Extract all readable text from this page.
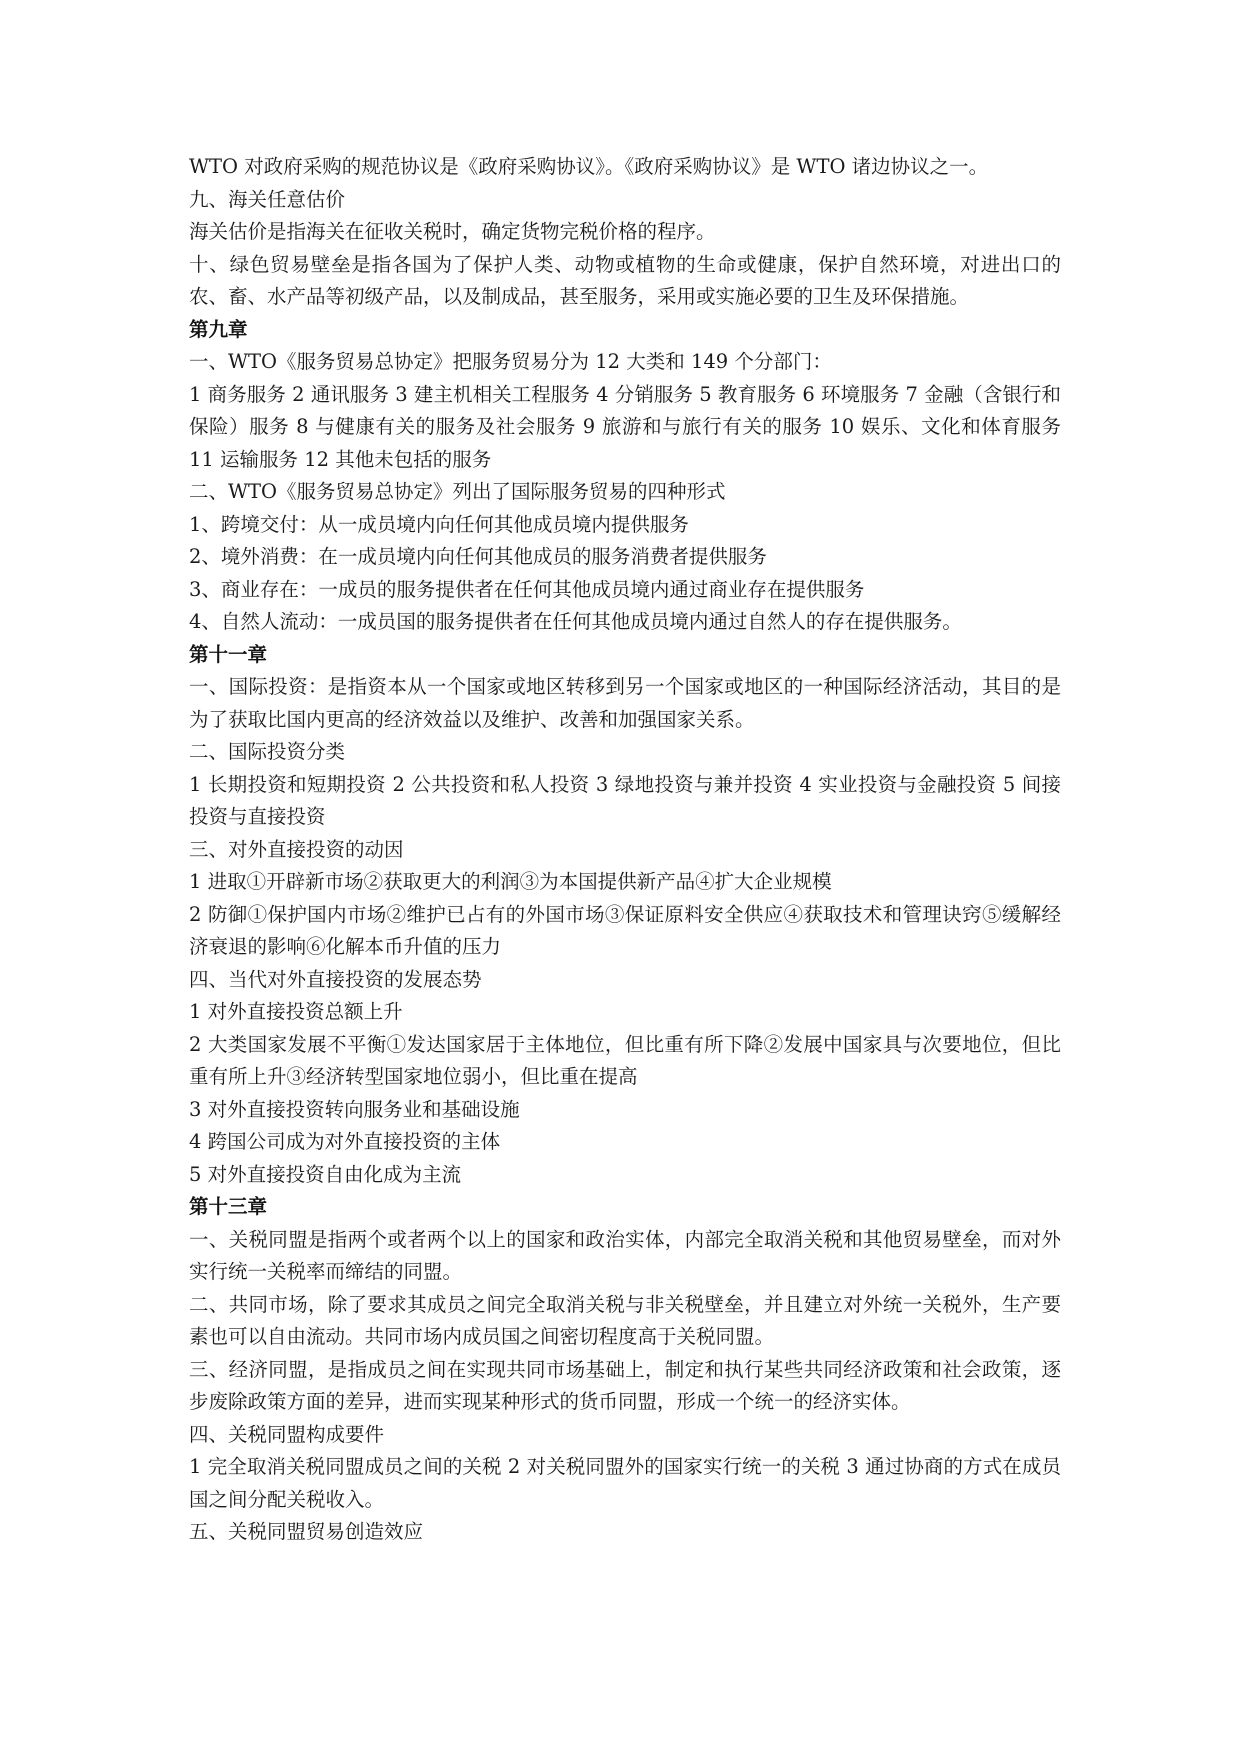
WTO 对政府采购的规范协议是《政府采购协议》。《政府采购协议》是 WTO 诸边协议之一。

九、海关任意估价

海关估价是指海关在征收关税时，确定货物完税价格的程序。

十、绿色贸易壁垒是指各国为了保护人类、动物或植物的生命或健康，保护自然环境，对进出口的农、畜、水产品等初级产品，以及制成品，甚至服务，采用或实施必要的卫生及环保措施。

第九章

一、WTO《服务贸易总协定》把服务贸易分为 12 大类和 149 个分部门：

1 商务服务 2 通讯服务 3 建主机相关工程服务 4 分销服务 5 教育服务 6 环境服务 7 金融（含银行和保险）服务 8 与健康有关的服务及社会服务 9 旅游和与旅行有关的服务 10 娱乐、文化和体育服务 11 运输服务 12 其他未包括的服务

二、WTO《服务贸易总协定》列出了国际服务贸易的四种形式

1、跨境交付：从一成员境内向任何其他成员境内提供服务

2、境外消费：在一成员境内向任何其他成员的服务消费者提供服务

3、商业存在：一成员的服务提供者在任何其他成员境内通过商业存在提供服务

4、自然人流动：一成员国的服务提供者在任何其他成员境内通过自然人的存在提供服务。

第十一章

一、国际投资：是指资本从一个国家或地区转移到另一个国家或地区的一种国际经济活动，其目的是为了获取比国内更高的经济效益以及维护、改善和加强国家关系。

二、国际投资分类

1 长期投资和短期投资 2 公共投资和私人投资 3 绿地投资与兼并投资 4 实业投资与金融投资 5 间接投资与直接投资

三、对外直接投资的动因

1 进取①开辟新市场②获取更大的利润③为本国提供新产品④扩大企业规模

2 防御①保护国内市场②维护已占有的外国市场③保证原料安全供应④获取技术和管理诀窍⑤缓解经济衰退的影响⑥化解本币升值的压力

四、当代对外直接投资的发展态势

1 对外直接投资总额上升

2 大类国家发展不平衡①发达国家居于主体地位，但比重有所下降②发展中国家具与次要地位，但比重有所上升③经济转型国家地位弱小，但比重在提高

3 对外直接投资转向服务业和基础设施

4 跨国公司成为对外直接投资的主体

5 对外直接投资自由化成为主流

第十三章

一、关税同盟是指两个或者两个以上的国家和政治实体，内部完全取消关税和其他贸易壁垒，而对外实行统一关税率而缔结的同盟。

二、共同市场，除了要求其成员之间完全取消关税与非关税壁垒，并且建立对外统一关税外，生产要素也可以自由流动。共同市场内成员国之间密切程度高于关税同盟。

三、经济同盟，是指成员之间在实现共同市场基础上，制定和执行某些共同经济政策和社会政策，逐步废除政策方面的差异，进而实现某种形式的货币同盟，形成一个统一的经济实体。

四、关税同盟构成要件

1 完全取消关税同盟成员之间的关税 2 对关税同盟外的国家实行统一的关税 3 通过协商的方式在成员国之间分配关税收入。

五、关税同盟贸易创造效应
